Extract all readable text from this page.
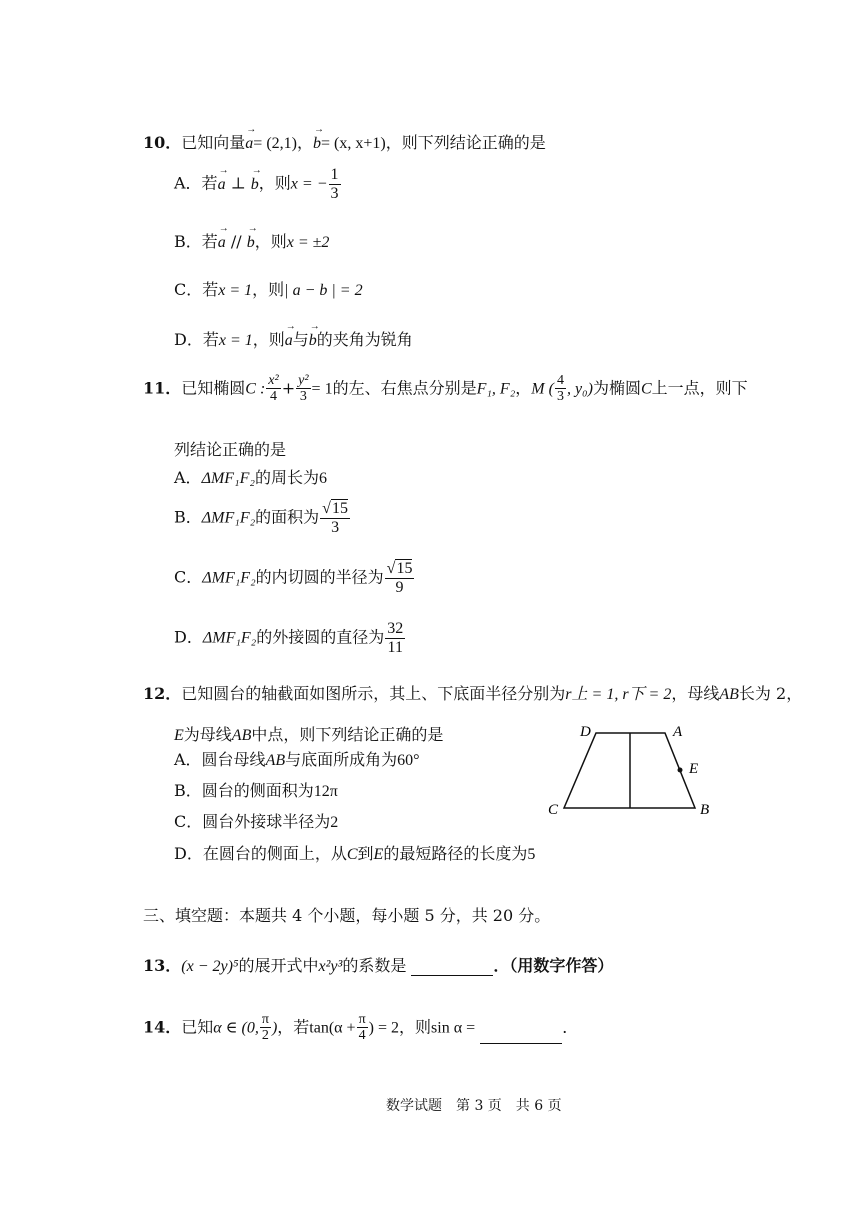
10．已知向量→ a= (2,1)，→ b= (x, x+1)，则下列结论正确的是
A．若→ a ⊥ → b，则x = − $\frac{1}{3}$
B．若→ a // → b，则x = ±2
C．若x = 1，则| a − b | = 2
D．若x = 1，则→ a与→ b的夹角为锐角
11．已知椭圆C : $\frac{\text{x²}}{4} + \frac{\text{y²}}{3} = 1$的左、右焦点分别是F₁, F₂，M ( $\frac{4}{3}$ , y₀)为椭圆C上一点，则下
列结论正确的是
A．ΔMF₁F₂的周长为6
B．ΔMF₁F₂的面积为 $\frac{√15}{3}$
C．ΔMF₁F₂的内切圆的半径为 $\frac{√15}{9}$
D．ΔMF₁F₂的外接圆的直径为 $\frac{32}{11}$
12．已知圆台的轴截面如图所示，其上、下底面半径分别为r上 = 1, r下 = 2，母线AB长为 2，
E为母线AB中点，则下列结论正确的是
A．圆台母线AB与底面所成角为60°
B．圆台的侧面积为12π
C．圆台外接球半径为2
D．在圆台的侧面上，从C到E的最短路径的长度为5
D	A
E
C	B
三、填空题：本题共 4 个小题，每小题 5 分，共 20 分。
13．(x − 2y)⁵的展开式中x²y³的系数是	．（用数字作答）
14．已知α ∈ (0, $\frac{\pi}{2}$ )，若$\tan(\alpha + \frac{\pi}{4}$ ) = 2，则sin α =	．
数学试题　第 3 页　共 6 页
